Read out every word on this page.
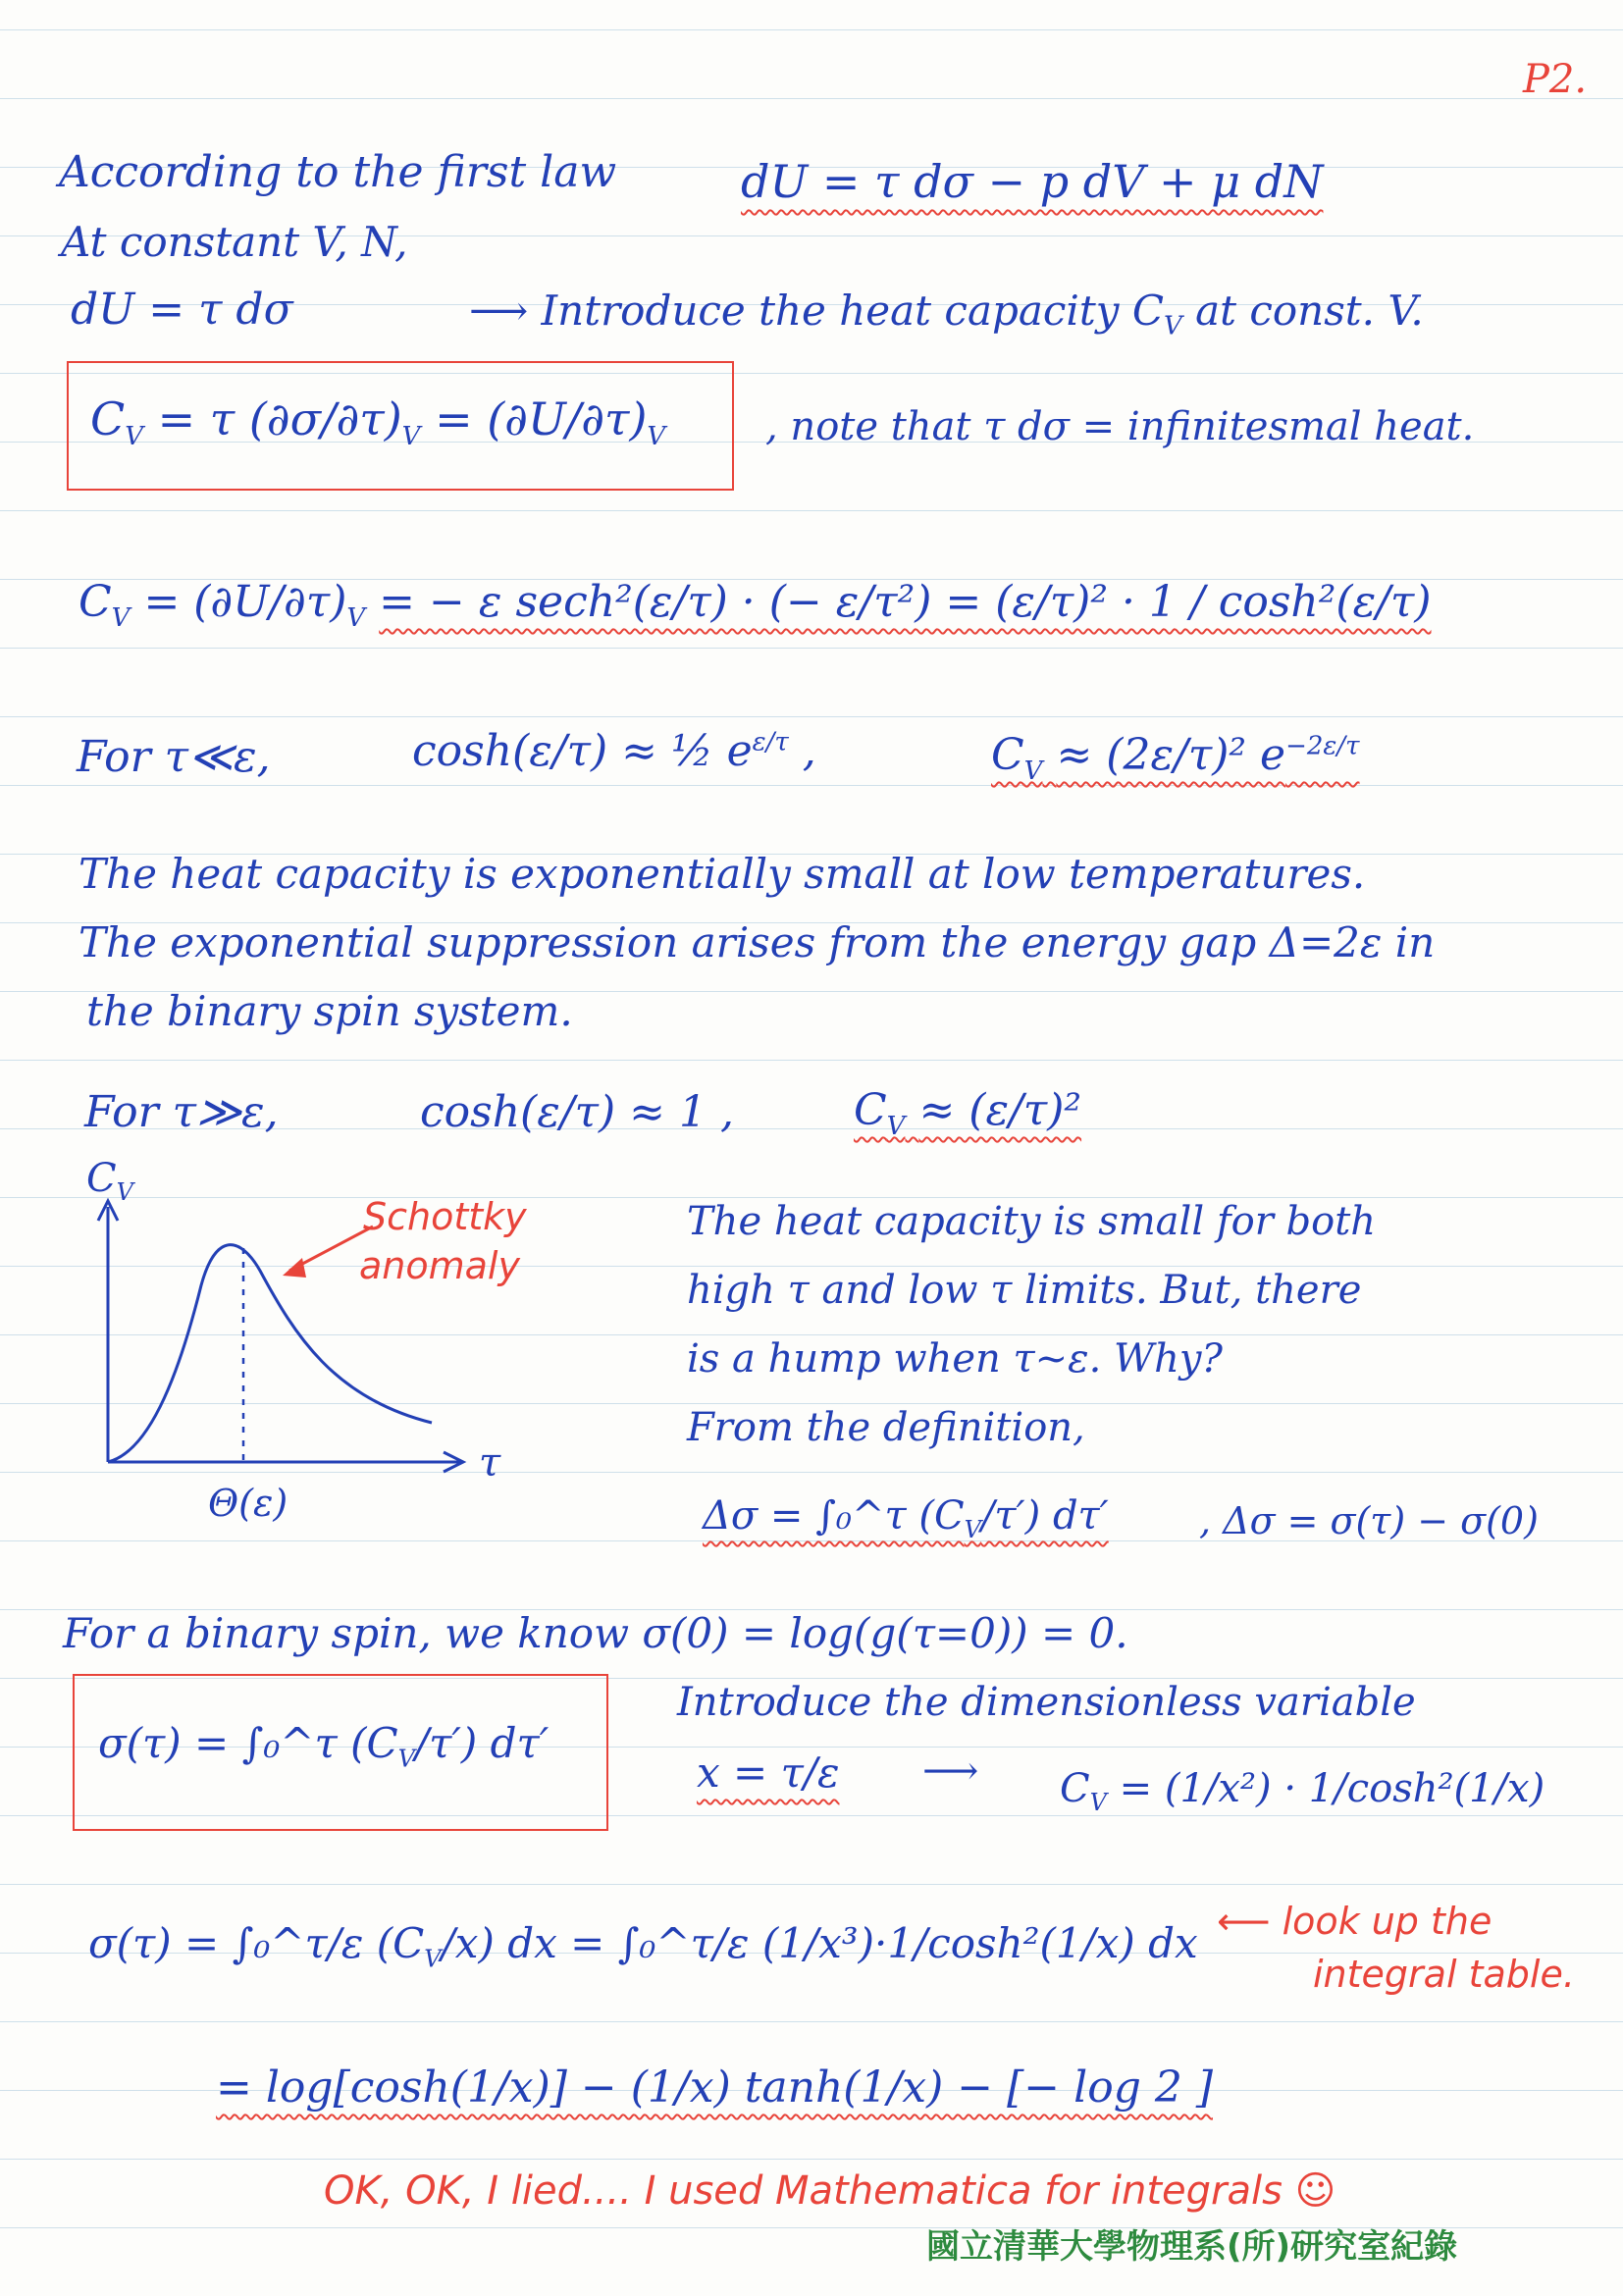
P2.
According to the first law	dU = τ dσ − p dV + μ dN
At constant V, N,
dU = τ dσ	⟶ Introduce the heat capacity $C_V$ at const. V.
$C_V = \tau$ $(\partial\sigma/\partial\tau)_V = (\partial U/\partial\tau)_V$	, note that τ dσ = infinitesmal heat.
$C_V = (\partial U/\partial\tau)_V$ = − ε sech²(ε/τ) · (− ε/τ²) = (ε/τ)² · 1 / cosh²(ε/τ)
For τ≪ε,	cosh(ε/τ) ≈ ½ $e^{\varepsilon/\tau}$ ,	$C_V \approx (2\varepsilon/\tau)^2$ $e^{-2\varepsilon/\tau}$
The heat capacity is exponentially small at low temperatures.
The exponential suppression arises from the energy gap Δ=2ε in
the binary spin system.
For τ≫ε,	cosh(ε/τ) ≈ 1 ,	$C_V \approx (\varepsilon/\tau)^2$
$C_V$
τ
Θ(ε)
Schottky
anomaly
The heat capacity is small for both
high τ and low τ limits. But, there
is a hump when τ~ε. Why?
From the definition,
Δσ = ∫₀^τ $(C_V/\tau')$ dτ′ , Δσ = σ(τ) − σ(0)
For a binary spin, we know σ(0) = log(g(τ=0)) = 0.
σ(τ) = ∫₀^τ $(C_V/\tau')$ dτ′
Introduce the dimensionless variable
x = τ/ε ⟶ $C_V = (1/x^2) \cdot 1/\cosh^2(1/x)$
σ(τ) = ∫₀^τ/ε $(C_V/x)$ dx = ∫₀^τ/ε (1/x³)·1/cosh²(1/x) dx ⟵ look up the
integral table.
= log[cosh(1/x)] − (1/x) tanh(1/x) − [− log 2 ]
OK, OK, I lied.... I used Mathematica for integrals ☺
國立清華大學物理系(所)研究室紀錄
